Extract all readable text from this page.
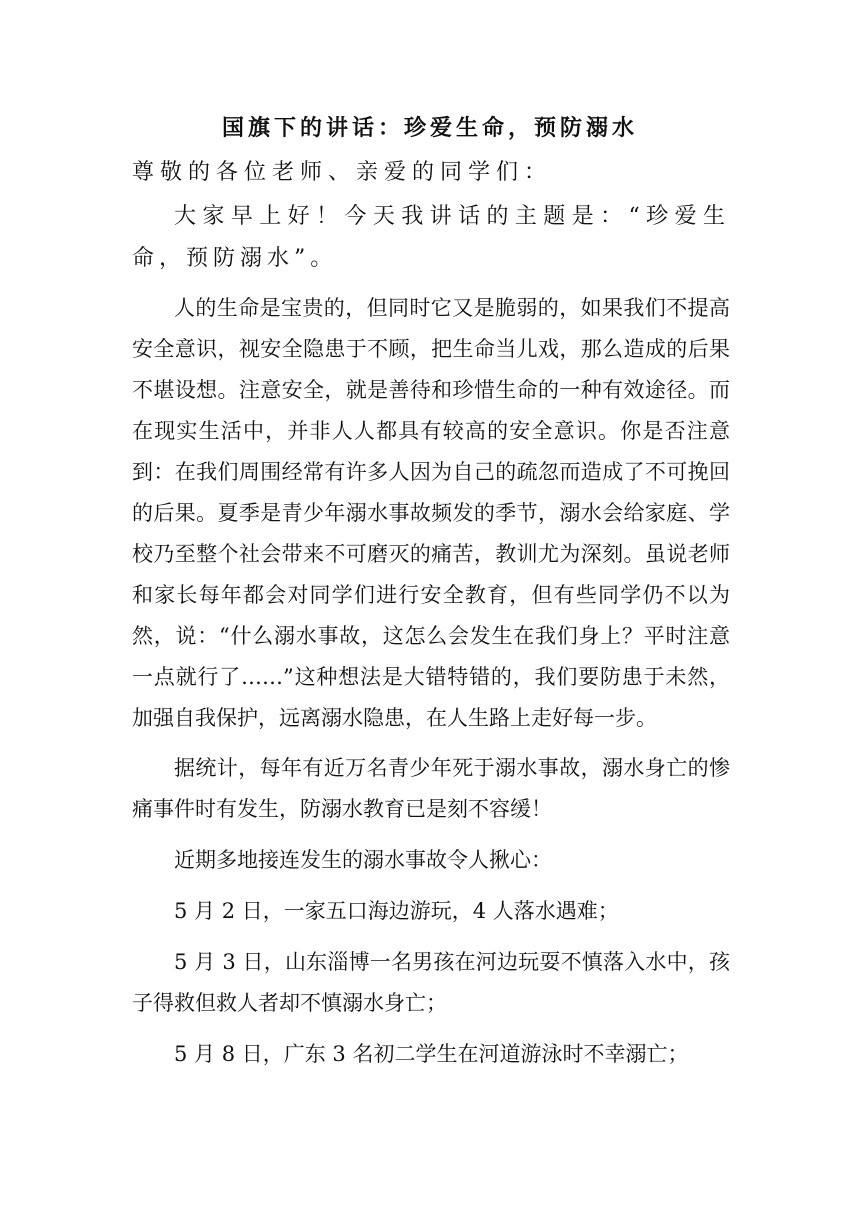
国旗下的讲话：珍爱生命，预防溺水
尊敬的各位老师、亲爱的同学们：

大家早上好！今天我讲话的主题是：“珍爱生命，预防溺水”。

人的生命是宝贵的，但同时它又是脆弱的，如果我们不提高安全意识，视安全隐患于不顾，把生命当儿戏，那么造成的后果不堪设想。注意安全，就是善待和珍惜生命的一种有效途径。而在现实生活中，并非人人都具有较高的安全意识。你是否注意到：在我们周围经常有许多人因为自己的疏忽而造成了不可挽回的后果。夏季是青少年溺水事故频发的季节，溺水会给家庭、学校乃至整个社会带来不可磨灭的痛苦，教训尤为深刻。虽说老师和家长每年都会对同学们进行安全教育，但有些同学仍不以为然，说：“什么溺水事故，这怎么会发生在我们身上？平时注意一点就行了……”这种想法是大错特错的，我们要防患于未然，加强自我保护，远离溺水隐患，在人生路上走好每一步。

据统计，每年有近万名青少年死于溺水事故，溺水身亡的惨痛事件时有发生，防溺水教育已是刻不容缓！

近期多地接连发生的溺水事故令人揪心：

5 月 2 日，一家五口海边游玩，4 人落水遇难；

5 月 3 日，山东淄博一名男孩在河边玩耍不慎落入水中，孩子得救但救人者却不慎溺水身亡；

5 月 8 日，广东 3 名初二学生在河道游泳时不幸溺亡；
